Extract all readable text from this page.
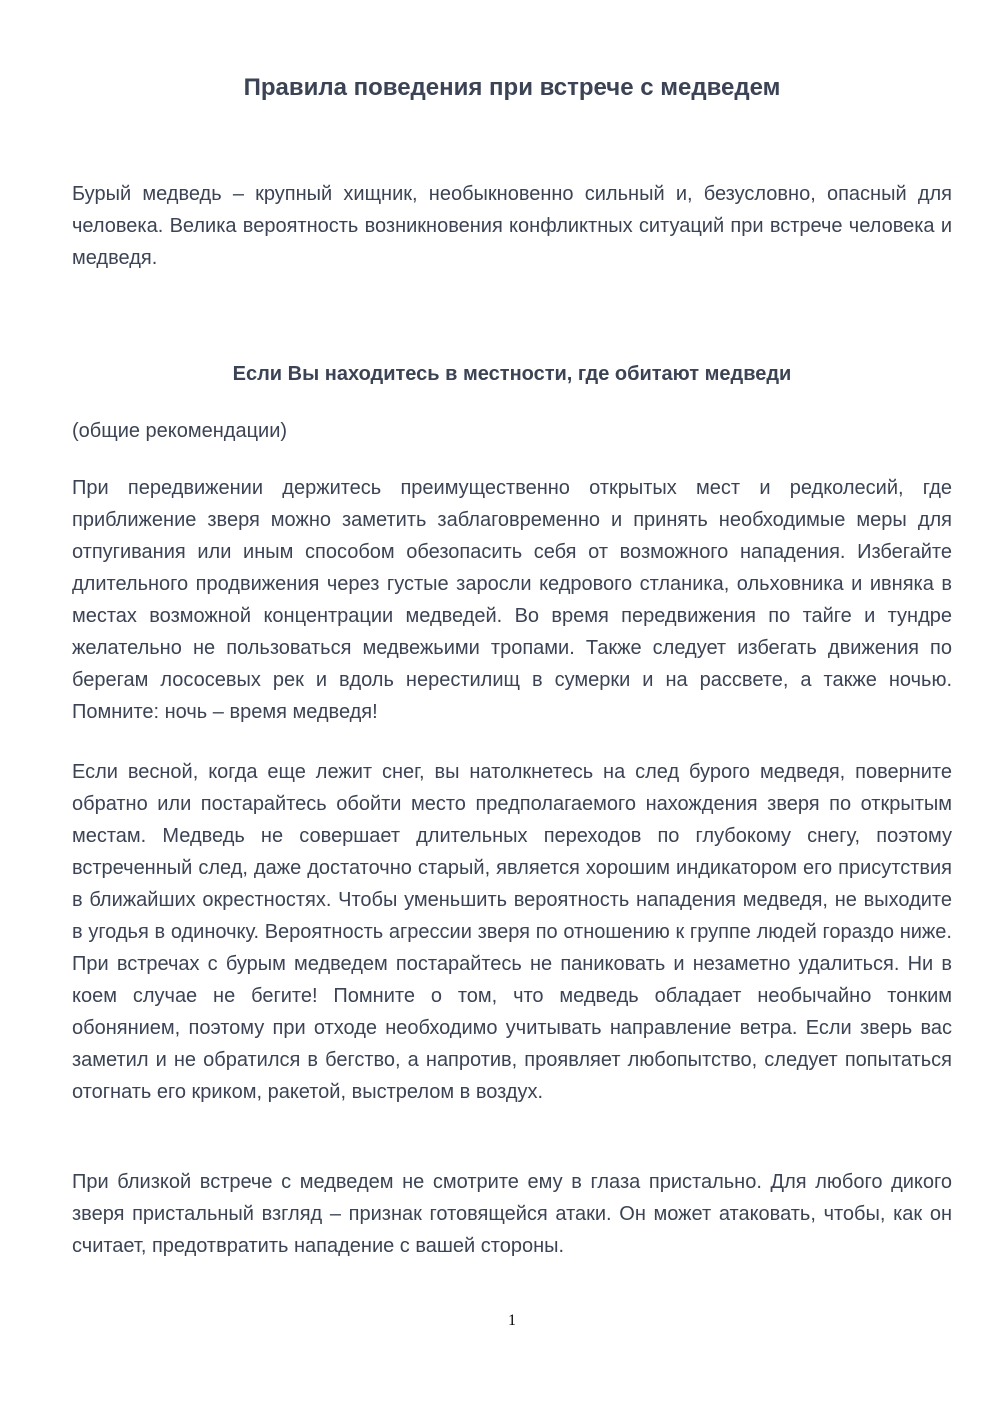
Правила поведения при встрече с медведем

Бурый медведь – крупный хищник, необыкновенно сильный и, безусловно, опасный для человека. Велика вероятность возникновения конфликтных ситуаций при встрече человека и медведя.

Если Вы находитесь в местности, где обитают медведи

(общие рекомендации)

При передвижении держитесь преимущественно открытых мест и редколесий, где приближение зверя можно заметить заблаговременно и принять необходимые меры для отпугивания или иным способом обезопасить себя от возможного нападения. Избегайте длительного продвижения через густые заросли кедрового стланика, ольховника и ивняка в местах возможной концентрации медведей. Во время передвижения по тайге и тундре желательно не пользоваться медвежьими тропами. Также следует избегать движения по берегам лососевых рек и вдоль нерестилищ в сумерки и на рассвете, а также ночью. Помните: ночь – время медведя!

Если весной, когда еще лежит снег, вы натолкнетесь на след бурого медведя, поверните обратно или постарайтесь обойти место предполагаемого нахождения зверя по открытым местам. Медведь не совершает длительных переходов по глубокому снегу, поэтому встреченный след, даже достаточно старый, является хорошим индикатором его присутствия в ближайших окрестностях. Чтобы уменьшить вероятность нападения медведя, не выходите в угодья в одиночку. Вероятность агрессии зверя по отношению к группе людей гораздо ниже. При встречах с бурым медведем постарайтесь не паниковать и незаметно удалиться. Ни в коем случае не бегите! Помните о том, что медведь обладает необычайно тонким обонянием, поэтому при отходе необходимо учитывать направление ветра. Если зверь вас заметил и не обратился в бегство, а напротив, проявляет любопытство, следует попытаться отогнать его криком, ракетой, выстрелом в воздух.

При близкой встрече с медведем не смотрите ему в глаза пристально. Для любого дикого зверя пристальный взгляд – признак готовящейся атаки. Он может атаковать, чтобы, как он считает, предотвратить нападение с вашей стороны.

1
